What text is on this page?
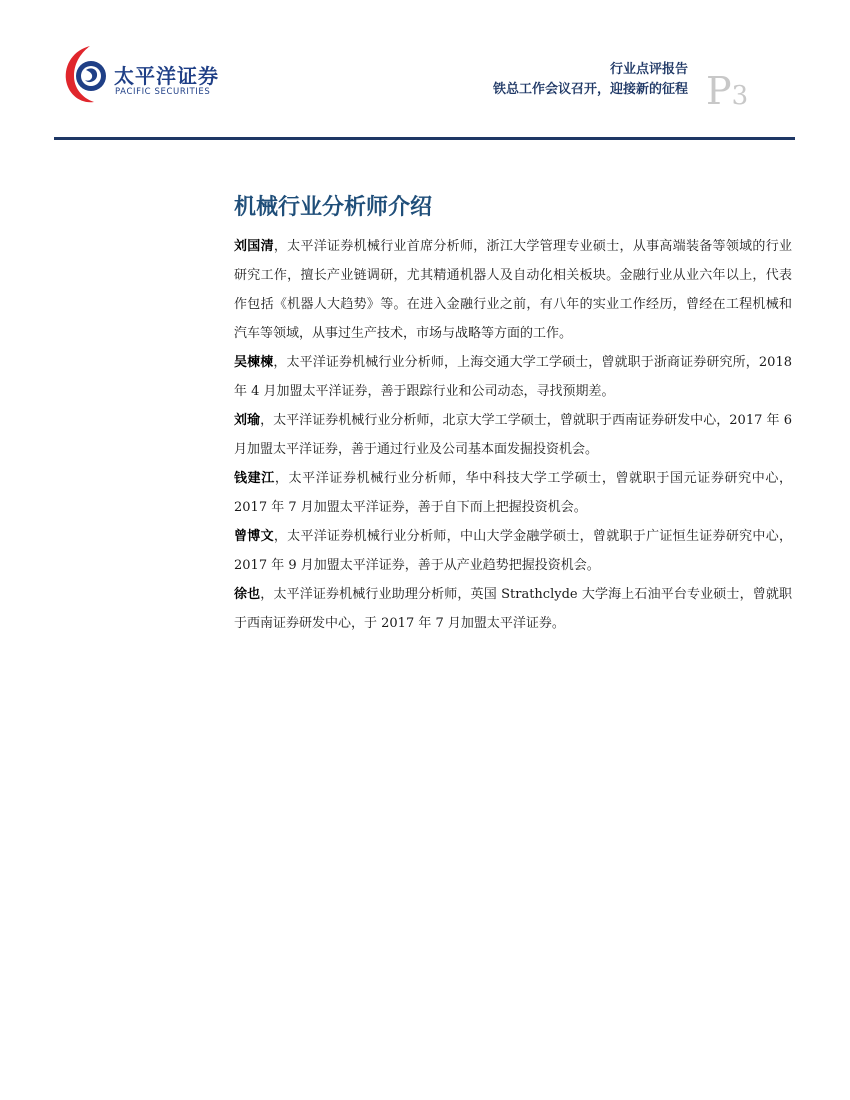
太平洋证券
PACIFIC SECURITIES
行业点评报告
铁总工作会议召开，迎接新的征程 P3
机械行业分析师介绍

刘国清，太平洋证券机械行业首席分析师，浙江大学管理专业硕士，从事高端装备等领域的行业研究工作，擅长产业链调研，尤其精通机器人及自动化相关板块。金融行业从业六年以上，代表作包括《机器人大趋势》等。在进入金融行业之前，有八年的实业工作经历，曾经在工程机械和汽车等领域，从事过生产技术，市场与战略等方面的工作。

吴楝楝，太平洋证券机械行业分析师，上海交通大学工学硕士，曾就职于浙商证券研究所，2018 年 4 月加盟太平洋证券，善于跟踪行业和公司动态，寻找预期差。

刘瑜，太平洋证券机械行业分析师，北京大学工学硕士，曾就职于西南证券研发中心，2017 年 6 月加盟太平洋证券，善于通过行业及公司基本面发掘投资机会。

钱建江，太平洋证券机械行业分析师，华中科技大学工学硕士，曾就职于国元证券研究中心，2017 年 7 月加盟太平洋证券，善于自下而上把握投资机会。

曾博文，太平洋证券机械行业分析师，中山大学金融学硕士，曾就职于广证恒生证券研究中心，2017 年 9 月加盟太平洋证券，善于从产业趋势把握投资机会。

徐也，太平洋证券机械行业助理分析师，英国 Strathclyde 大学海上石油平台专业硕士，曾就职于西南证券研发中心，于 2017 年 7 月加盟太平洋证券。
